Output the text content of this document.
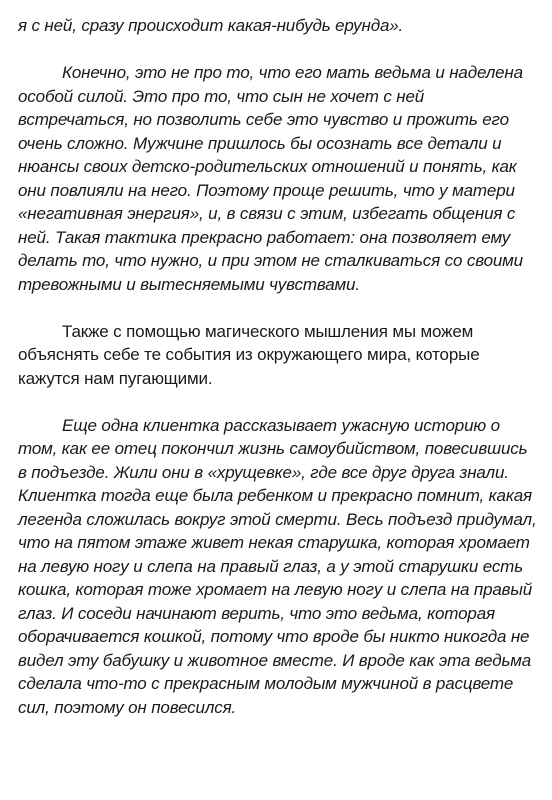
я с ней, сразу происходит какая-нибудь ерунда».

Конечно, это не про то, что его мать ведьма и наделена особой силой. Это про то, что сын не хочет с ней встречаться, но позволить себе это чувство и прожить его очень сложно. Мужчине пришлось бы осознать все детали и нюансы своих детско-родительских отношений и понять, как они повлияли на него. Поэтому проще решить, что у матери «негативная энергия», и, в связи с этим, избегать общения с ней. Такая тактика прекрасно работает: она позволяет ему делать то, что нужно, и при этом не сталкиваться со своими тревожными и вытесняемыми чувствами.

Также с помощью магического мышления мы можем объяснять себе те события из окружающего мира, которые кажутся нам пугающими.

Еще одна клиентка рассказывает ужасную историю о том, как ее отец покончил жизнь самоубийством, повесившись в подъезде. Жили они в «хрущевке», где все друг друга знали. Клиентка тогда еще была ребенком и прекрасно помнит, какая легенда сложилась вокруг этой смерти. Весь подъезд придумал, что на пятом этаже живет некая старушка, которая хромает на левую ногу и слепа на правый глаз, а у этой старушки есть кошка, которая тоже хромает на левую ногу и слепа на правый глаз. И соседи начинают верить, что это ведьма, которая оборачивается кошкой, потому что вроде бы никто никогда не видел эту бабушку и животное вместе. И вроде как эта ведьма сделала что-то с прекрасным молодым мужчиной в расцвете сил, поэтому он повесился.
